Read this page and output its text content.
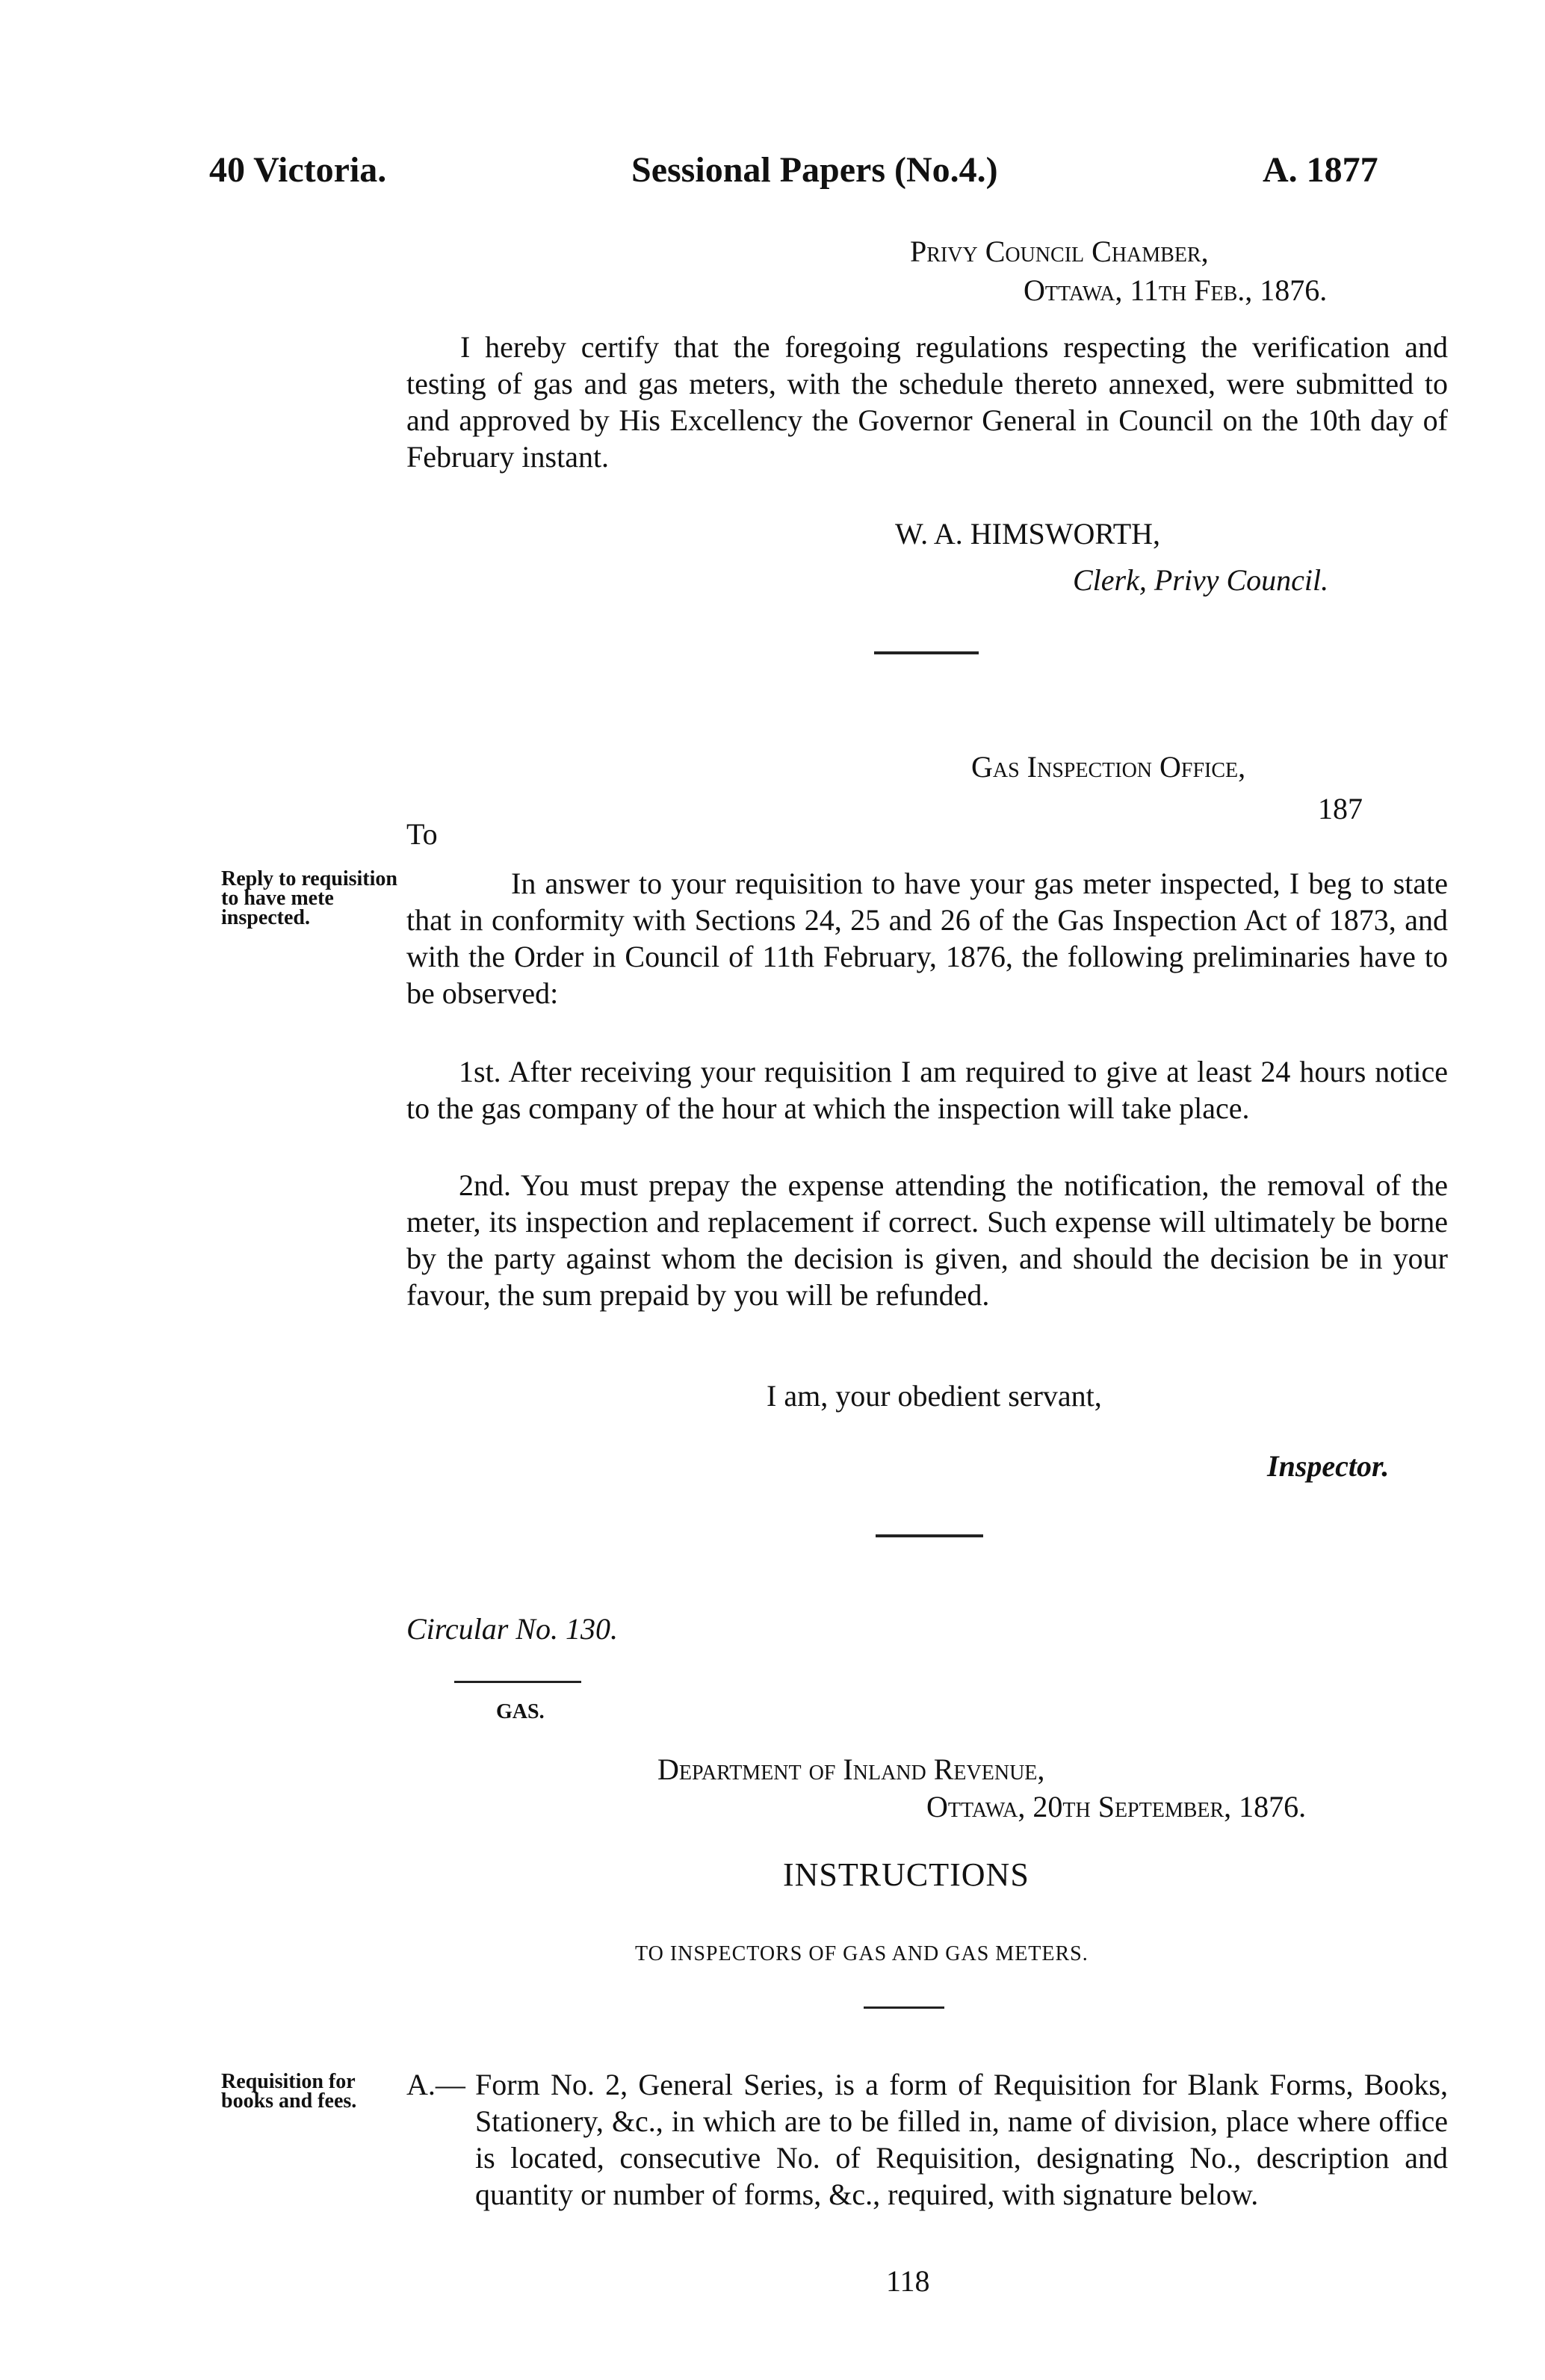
40 Victoria.	Sessional Papers (No.4.)	A. 1877
Privy Council Chamber,
Ottawa, 11th Feb., 1876.
I hereby certify that the foregoing regulations respecting the verification and testing of gas and gas meters, with the schedule thereto annexed, were submitted to and approved by His Excellency the Governor General in Council on the 10th day of February instant.
W. A. HIMSWORTH,
Clerk, Privy Council.
Gas Inspection Office,
187
To
Reply to requisition to have mete inspected.
In answer to your requisition to have your gas meter inspected, I beg to state that in conformity with Sections 24, 25 and 26 of the Gas Inspection Act of 1873, and with the Order in Council of 11th February, 1876, the following preliminaries have to be observed:
1st. After receiving your requisition I am required to give at least 24 hours notice to the gas company of the hour at which the inspection will take place.
2nd. You must prepay the expense attending the notification, the removal of the meter, its inspection and replacement if correct. Such expense will ultimately be borne by the party against whom the decision is given, and should the decision be in your favour, the sum prepaid by you will be refunded.
I am, your obedient servant,
Inspector.
Circular No. 130.
GAS.
Department of Inland Revenue,
Ottawa, 20th September, 1876.
INSTRUCTIONS
TO INSPECTORS OF GAS AND GAS METERS.
Requisition for books and fees.	A.— Form No. 2, General Series, is a form of Requisition for Blank Forms, Books, Stationery, &c., in which are to be filled in, name of division, place where office is located, consecutive No. of Requisition, designating No., description and quantity or number of forms, &c., required, with signature below.
118
